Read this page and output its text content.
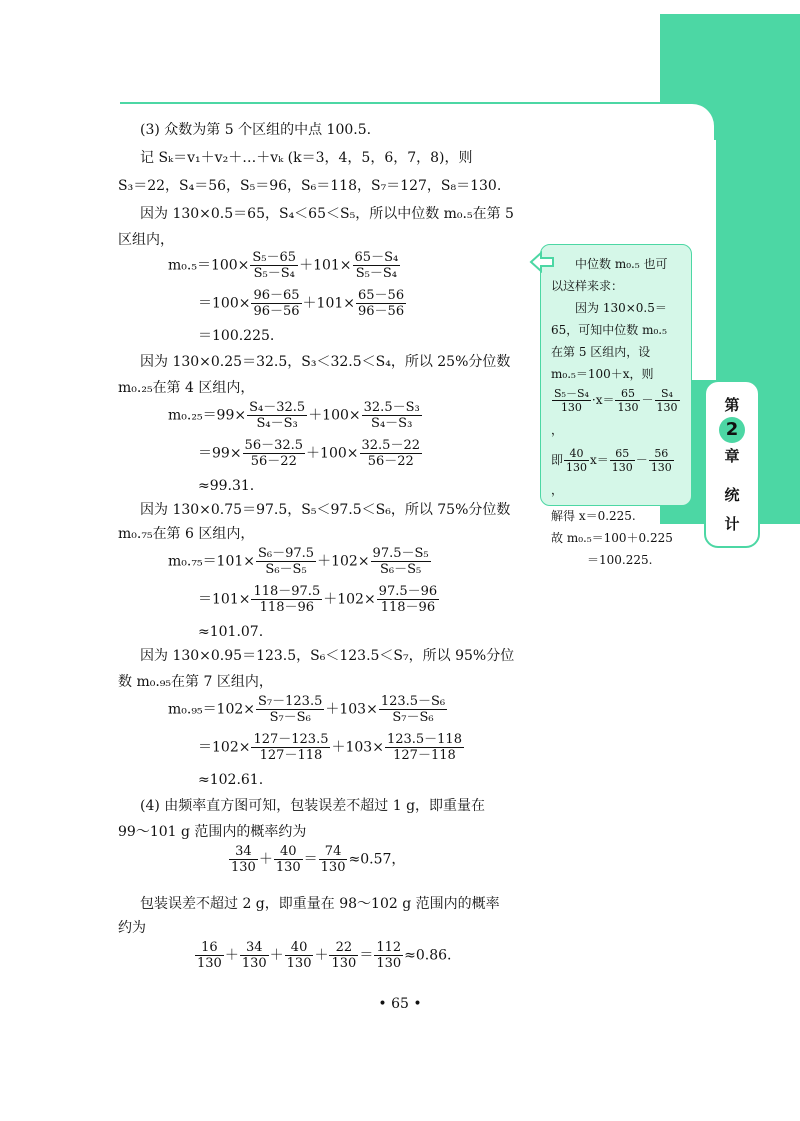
第
2
章
统
计
中位数 m₀.₅ 也可
以这样来求：
因为 130×0.5＝
65，可知中位数 m₀.₅
在第 5 区组内，设
m₀.₅＝100＋x，则
$\frac{\text{S₅－S₄}}{130} \cdot x= \frac{65}{130} - \frac{\text{S₄}}{130}$
，
即 $\frac{40}{130} x= \frac{65}{130} - \frac{56}{130}$
，
解得 x＝0.225.
故 m₀.₅＝100＋0.225
＝100.225.
(3) 众数为第 5 个区组的中点 100.5.
记 Sₖ＝v₁＋v₂＋…＋vₖ (k＝3，4，5，6，7，8)，则
S₃＝22，S₄＝56，S₅＝96，S₆＝118，S₇＝127，S₈＝130.
因为 130×0.5＝65，S₄＜65＜S₅，所以中位数 m₀.₅在第 5
区组内，
$m_0._5=100\times \frac{\text{S₅－65}}{\text{S₅－S₄}} +101\times \frac{\text{65－S₄}}{\text{S₅－S₄}}$
$=100\times \frac{96-65}{96-56} +101\times \frac{65-56}{96-56}$
＝100.225.
因为 130×0.25＝32.5，S₃＜32.5＜S₄，所以 25%分位数
m₀.₂₅在第 4 区组内，
$m_0._{25}=99\times \frac{\text{S₄－32.5}}{\text{S₄－S₃}} +100\times \frac{\text{32.5－S₃}}{\text{S₄－S₃}}$
$=99\times \frac{56-32.5}{56-22} +100\times \frac{32.5-22}{56-22}$
≈99.31.
因为 130×0.75＝97.5，S₅＜97.5＜S₆，所以 75%分位数
m₀.₇₅在第 6 区组内，
$m_0._{75}=101\times \frac{\text{S₆－97.5}}{\text{S₆－S₅}} +102\times \frac{\text{97.5－S₅}}{\text{S₆－S₅}}$
$=101\times \frac{118-97.5}{118-96} +102\times \frac{97.5-96}{118-96}$
≈101.07.
因为 130×0.95＝123.5，S₆＜123.5＜S₇，所以 95%分位
数 m₀.₉₅在第 7 区组内，
$m_0._{95}=102\times \frac{\text{S₇－123.5}}{\text{S₇－S₆}} +103\times \frac{\text{123.5－S₆}}{\text{S₇－S₆}}$
$=102\times \frac{127-123.5}{127-118} +103\times \frac{123.5-118}{127-118}$
≈102.61.
(4) 由频率直方图可知，包装误差不超过 1 g，即重量在
99～101 g 范围内的概率约为
$\frac{34}{130} + \frac{40}{130} = \frac{74}{130} \approx 0.57$，
包装误差不超过 2 g，即重量在 98～102 g 范围内的概率
约为
$\frac{16}{130} + \frac{34}{130} + \frac{40}{130} + \frac{22}{130} = \frac{112}{130} \approx 0.86$.
• 65 •
